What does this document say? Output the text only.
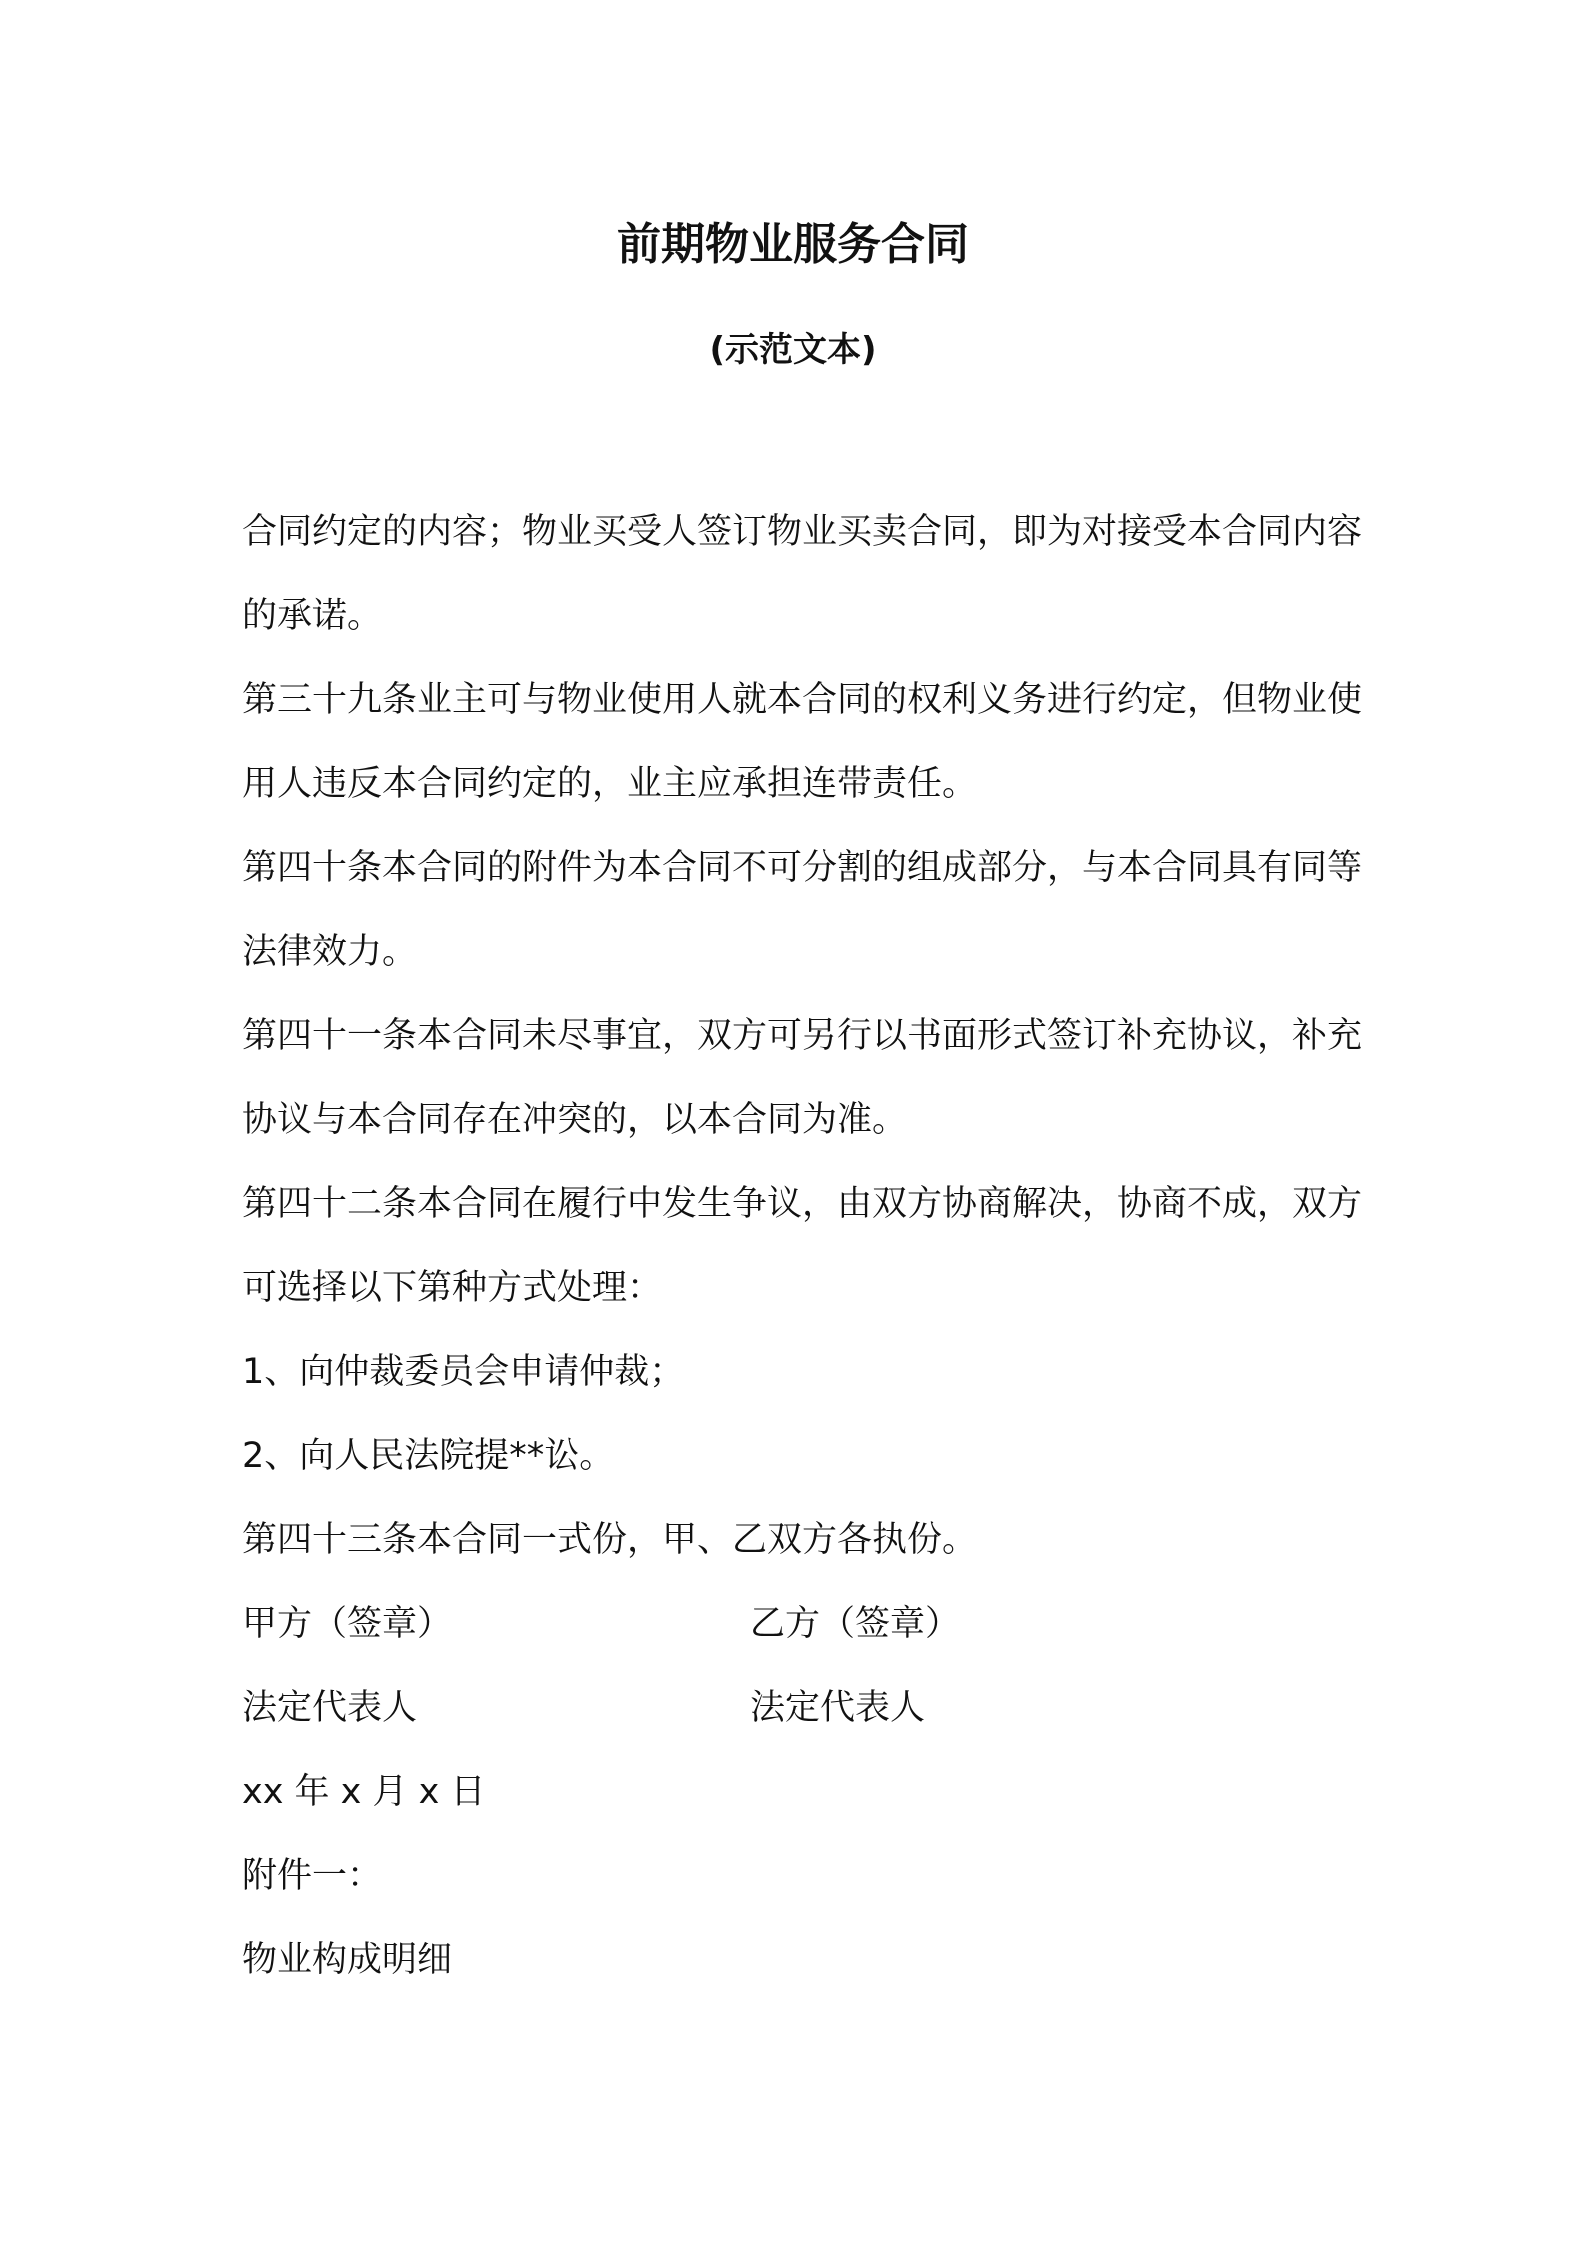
前期物业服务合同
(示范文本)

合同约定的内容；物业买受人签订物业买卖合同，即为对接受本合同内容的承诺。

第三十九条业主可与物业使用人就本合同的权利义务进行约定，但物业使用人违反本合同约定的，业主应承担连带责任。

第四十条本合同的附件为本合同不可分割的组成部分，与本合同具有同等法律效力。

第四十一条本合同未尽事宜，双方可另行以书面形式签订补充协议，补充协议与本合同存在冲突的，以本合同为准。

第四十二条本合同在履行中发生争议，由双方协商解决，协商不成，双方可选择以下第种方式处理：

1、向仲裁委员会申请仲裁；

2、向人民法院提**讼。

第四十三条本合同一式份，甲、乙双方各执份。

甲方（签章）	乙方（签章）
法定代表人	法定代表人

xx 年 x 月 x 日

附件一：

物业构成明细
